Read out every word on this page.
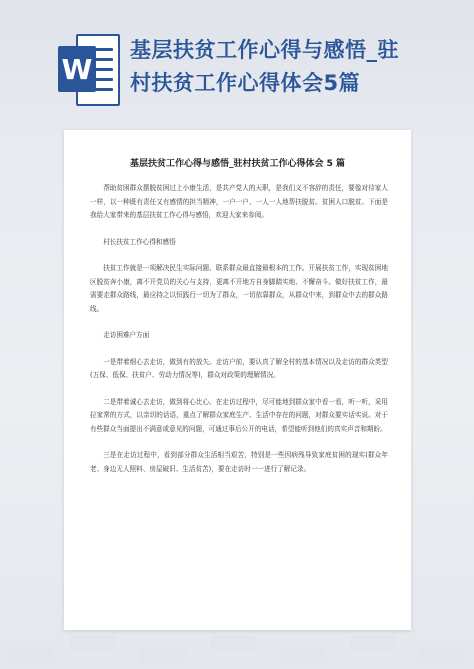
W
基层扶贫工作心得与感悟_驻
村扶贫工作心得体会5篇
基层扶贫工作心得与感悟_驻村扶贫工作心得体会 5 篇

帮助贫困群众摆脱贫困过上小康生活，是共产党人的天职，是我们义不容辞的责任，要像对待家人一样，以一种既有责任又有感情的担当精神，一户一户、一人一人地帮扶脱贫。贫困人口脱贫。下面是我给大家带来的基层扶贫工作心得与感悟，欢迎大家来参阅。

村长扶贫工作心得和感悟

扶贫工作就是一项解决民生实际问题、联系群众最直接最根本的工作。开展扶贫工作，实现贫困地区脱贫奔小康，离不开党员的关心与支持，更离不开地方自身脚踏实地、不懈奋斗。做好扶贫工作，最需要走群众路线，最应持之以恒践行一切为了群众，一切依靠群众，从群众中来，到群众中去的群众路线。

走访困难户方面

一是带着细心去走访，做到有的放矢。走访户前，要认真了解全村的基本情况以及走访的群众类型(五保、低保、扶贫户、劳动力情况等)，群众对政策的理解情况。

二是带着诚心去走访，做到将心比心。在走访过程中，尽可能地到群众家中看一看，听一听，采用拉家常的方式，以亲切的话语，重点了解群众家庭生产、生活中存在的问题，对群众要实话实说。对于有些群众当面提出不满意或意见的问题，可通过事后公开的电话，希望能听到他们的真实声音和期盼。

三是在走访过程中，看到部分群众生活相当艰苦，特别是一些因病残导致家庭贫困的现实(群众年老、身边无人照料、房屋破旧、生活贫苦)，要在走访时一一进行了解记录。
